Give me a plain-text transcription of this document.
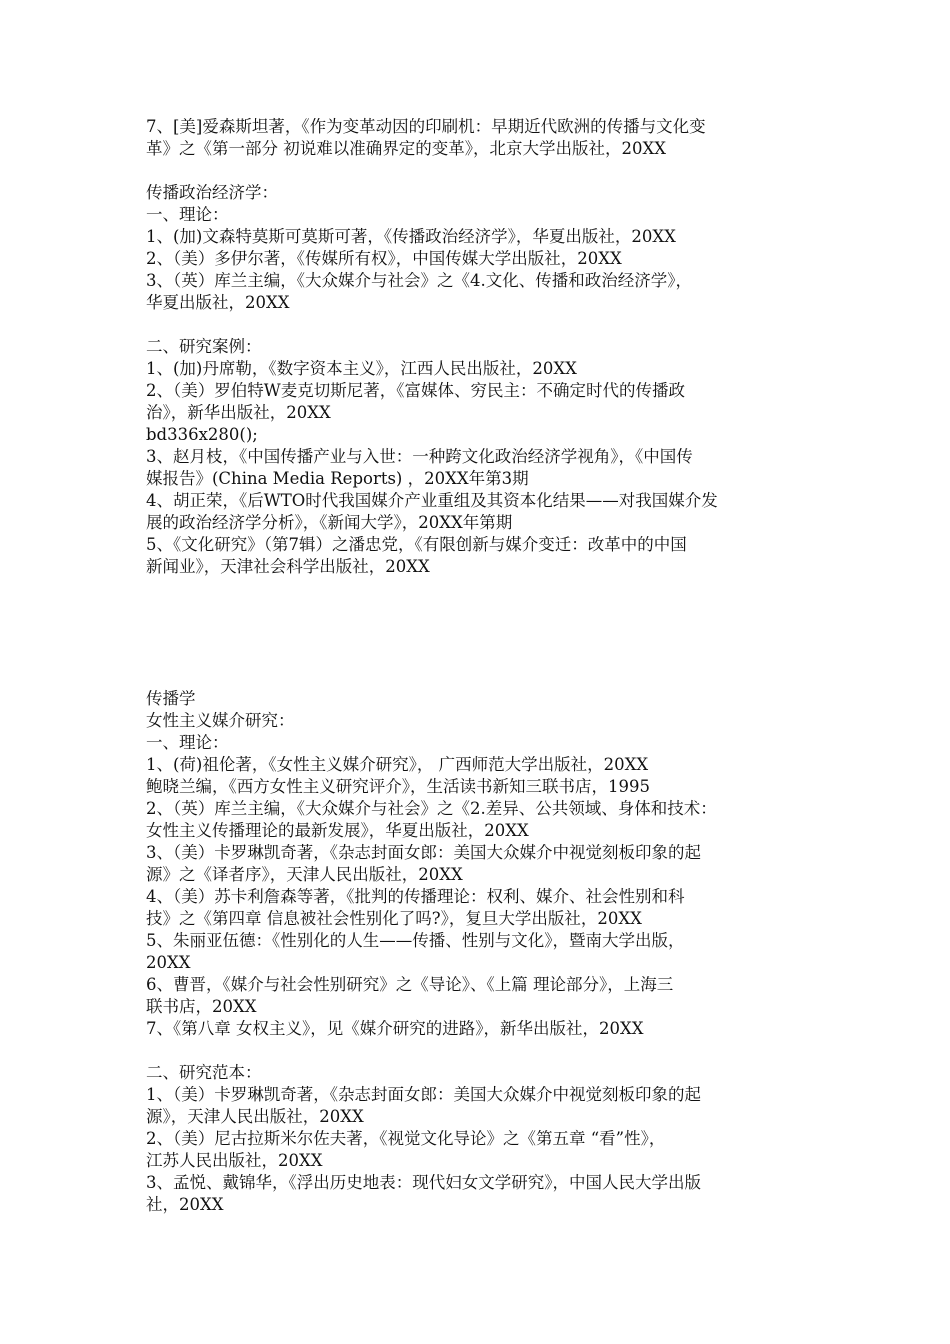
7、[美]爱森斯坦著，《作为变革动因的印刷机：早期近代欧洲的传播与文化变
革》之《第一部分 初说难以准确界定的变革》，北京大学出版社，20XX
传播政治经济学：
一、理论：
1、(加)文森特莫斯可莫斯可著，《传播政治经济学》，华夏出版社，20XX
2、（美）多伊尔著，《传媒所有权》，中国传媒大学出版社，20XX
3、（英）库兰主编，《大众媒介与社会》之《4.文化、传播和政治经济学》，
华夏出版社，20XX
二、研究案例：
1、(加)丹席勒，《数字资本主义》，江西人民出版社，20XX
2、（美）罗伯特W麦克切斯尼著，《富媒体、穷民主：不确定时代的传播政
治》，新华出版社，20XX
bd336x280();
3、赵月枝，《中国传播产业与入世：一种跨文化政治经济学视角》，《中国传
媒报告》(China Media Reports) ，20XX年第3期
4、胡正荣，《后WTO时代我国媒介产业重组及其资本化结果——对我国媒介发
展的政治经济学分析》，《新闻大学》，20XX年第期
5、《文化研究》（第7辑）之潘忠党，《有限创新与媒介变迁：改革中的中国
新闻业》，天津社会科学出版社，20XX
传播学
女性主义媒介研究：
一、理论：
1、(荷)祖伦著，《女性主义媒介研究》， 广西师范大学出版社，20XX
鲍晓兰编，《西方女性主义研究评介》，生活读书新知三联书店，1995
2、（英）库兰主编，《大众媒介与社会》之《2.差异、公共领域、身体和技术：
女性主义传播理论的最新发展》，华夏出版社，20XX
3、（美）卡罗琳凯奇著，《杂志封面女郎：美国大众媒介中视觉刻板印象的起
源》之《译者序》，天津人民出版社，20XX
4、（美）苏卡利詹森等著，《批判的传播理论：权利、媒介、社会性别和科
技》之《第四章 信息被社会性别化了吗?》，复旦大学出版社，20XX
5、朱丽亚伍德：《性别化的人生——传播、性别与文化》，暨南大学出版，
20XX
6、曹晋，《媒介与社会性别研究》之《导论》、《上篇 理论部分》，上海三
联书店，20XX
7、《第八章 女权主义》，见《媒介研究的进路》，新华出版社，20XX
二、研究范本：
1、（美）卡罗琳凯奇著，《杂志封面女郎：美国大众媒介中视觉刻板印象的起
源》，天津人民出版社，20XX
2、（美）尼古拉斯米尔佐夫著，《视觉文化导论》之《第五章 “看”性》，
江苏人民出版社，20XX
3、孟悦、戴锦华，《浮出历史地表：现代妇女文学研究》，中国人民大学出版
社，20XX
